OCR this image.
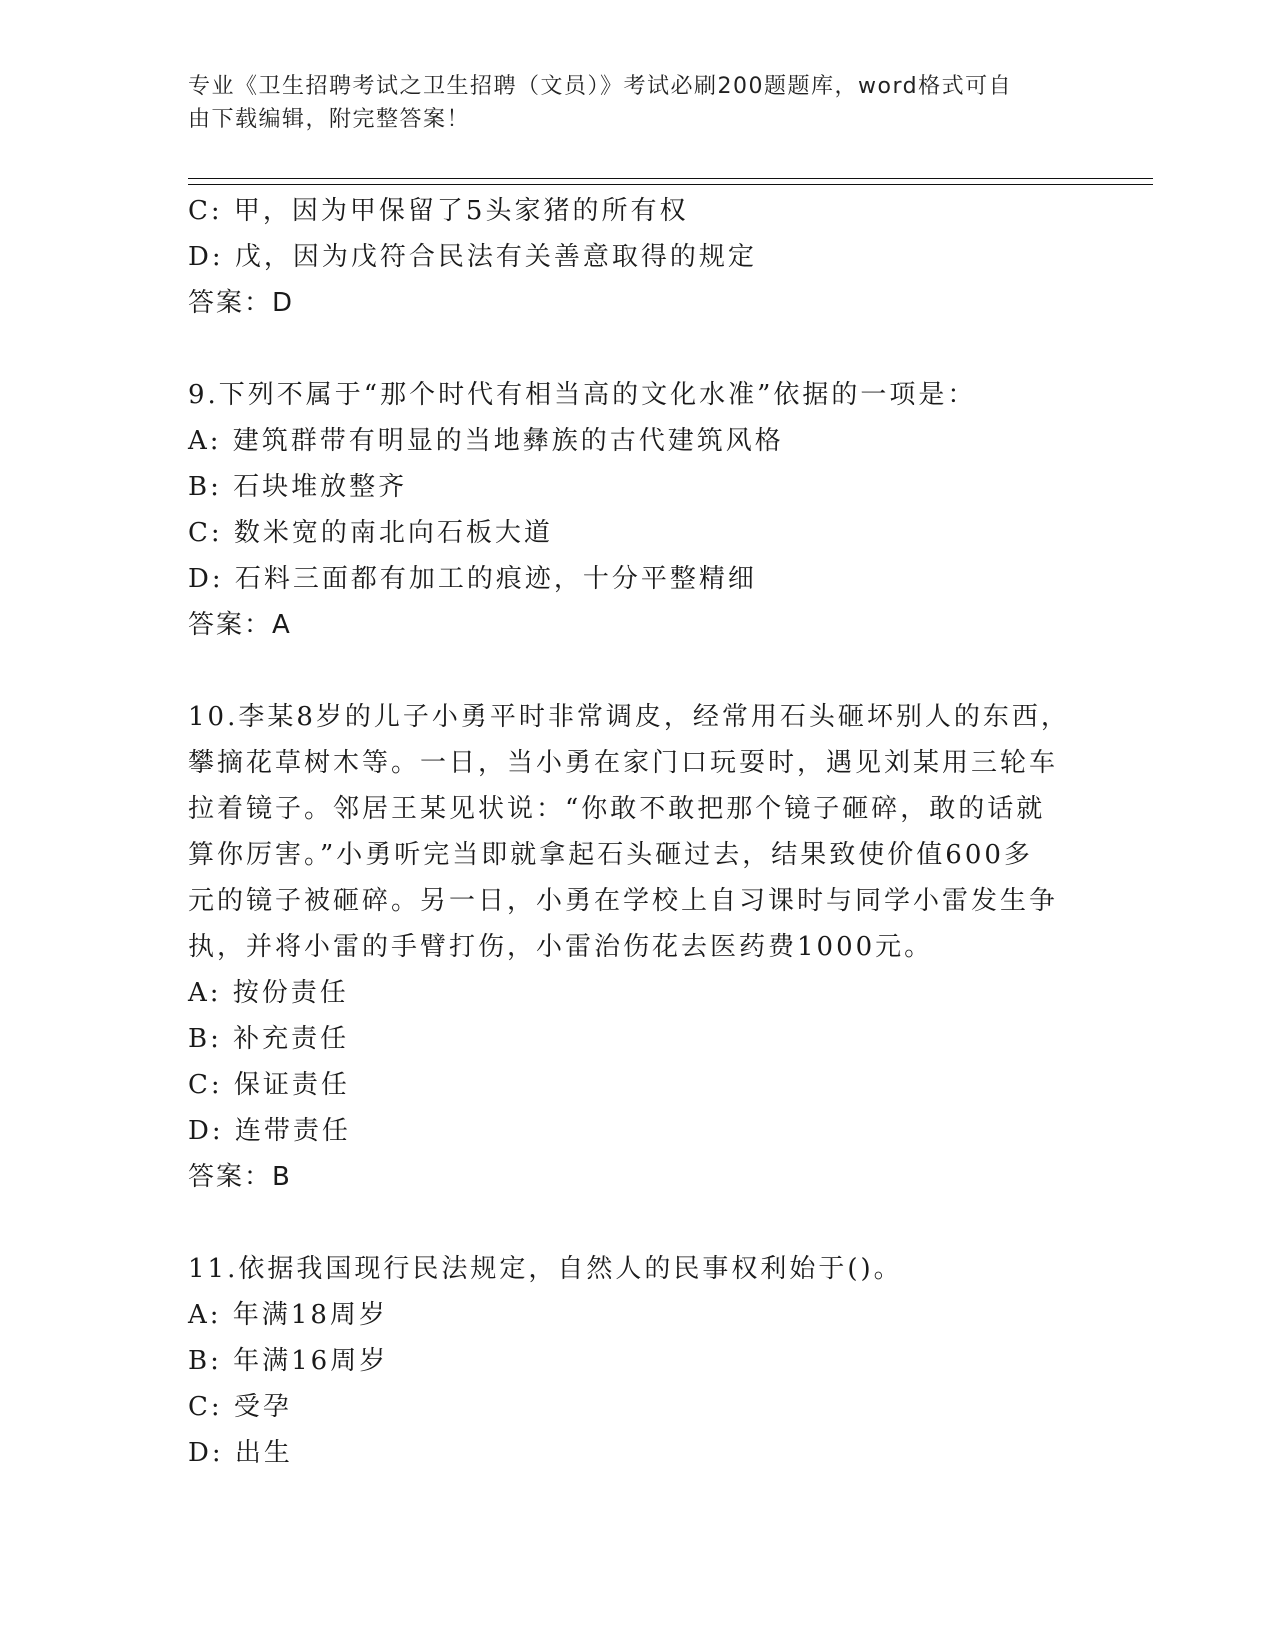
专业《卫生招聘考试之卫生招聘（文员）》考试必刷200题题库，word格式可自
由下载编辑，附完整答案！
C: 甲，因为甲保留了5头家猪的所有权
D: 戊，因为戊符合民法有关善意取得的规定
答案：D
9.下列不属于“那个时代有相当高的文化水准”依据的一项是：
A: 建筑群带有明显的当地彝族的古代建筑风格
B: 石块堆放整齐
C: 数米宽的南北向石板大道
D: 石料三面都有加工的痕迹，十分平整精细
答案：A
10.李某8岁的儿子小勇平时非常调皮，经常用石头砸坏别人的东西，
攀摘花草树木等。一日，当小勇在家门口玩耍时，遇见刘某用三轮车
拉着镜子。邻居王某见状说：“你敢不敢把那个镜子砸碎，敢的话就
算你厉害。”小勇听完当即就拿起石头砸过去，结果致使价值600多
元的镜子被砸碎。另一日，小勇在学校上自习课时与同学小雷发生争
执，并将小雷的手臂打伤，小雷治伤花去医药费1000元。
A: 按份责任
B: 补充责任
C: 保证责任
D: 连带责任
答案：B
11.依据我国现行民法规定，自然人的民事权利始于()。
A: 年满18周岁
B: 年满16周岁
C: 受孕
D: 出生
